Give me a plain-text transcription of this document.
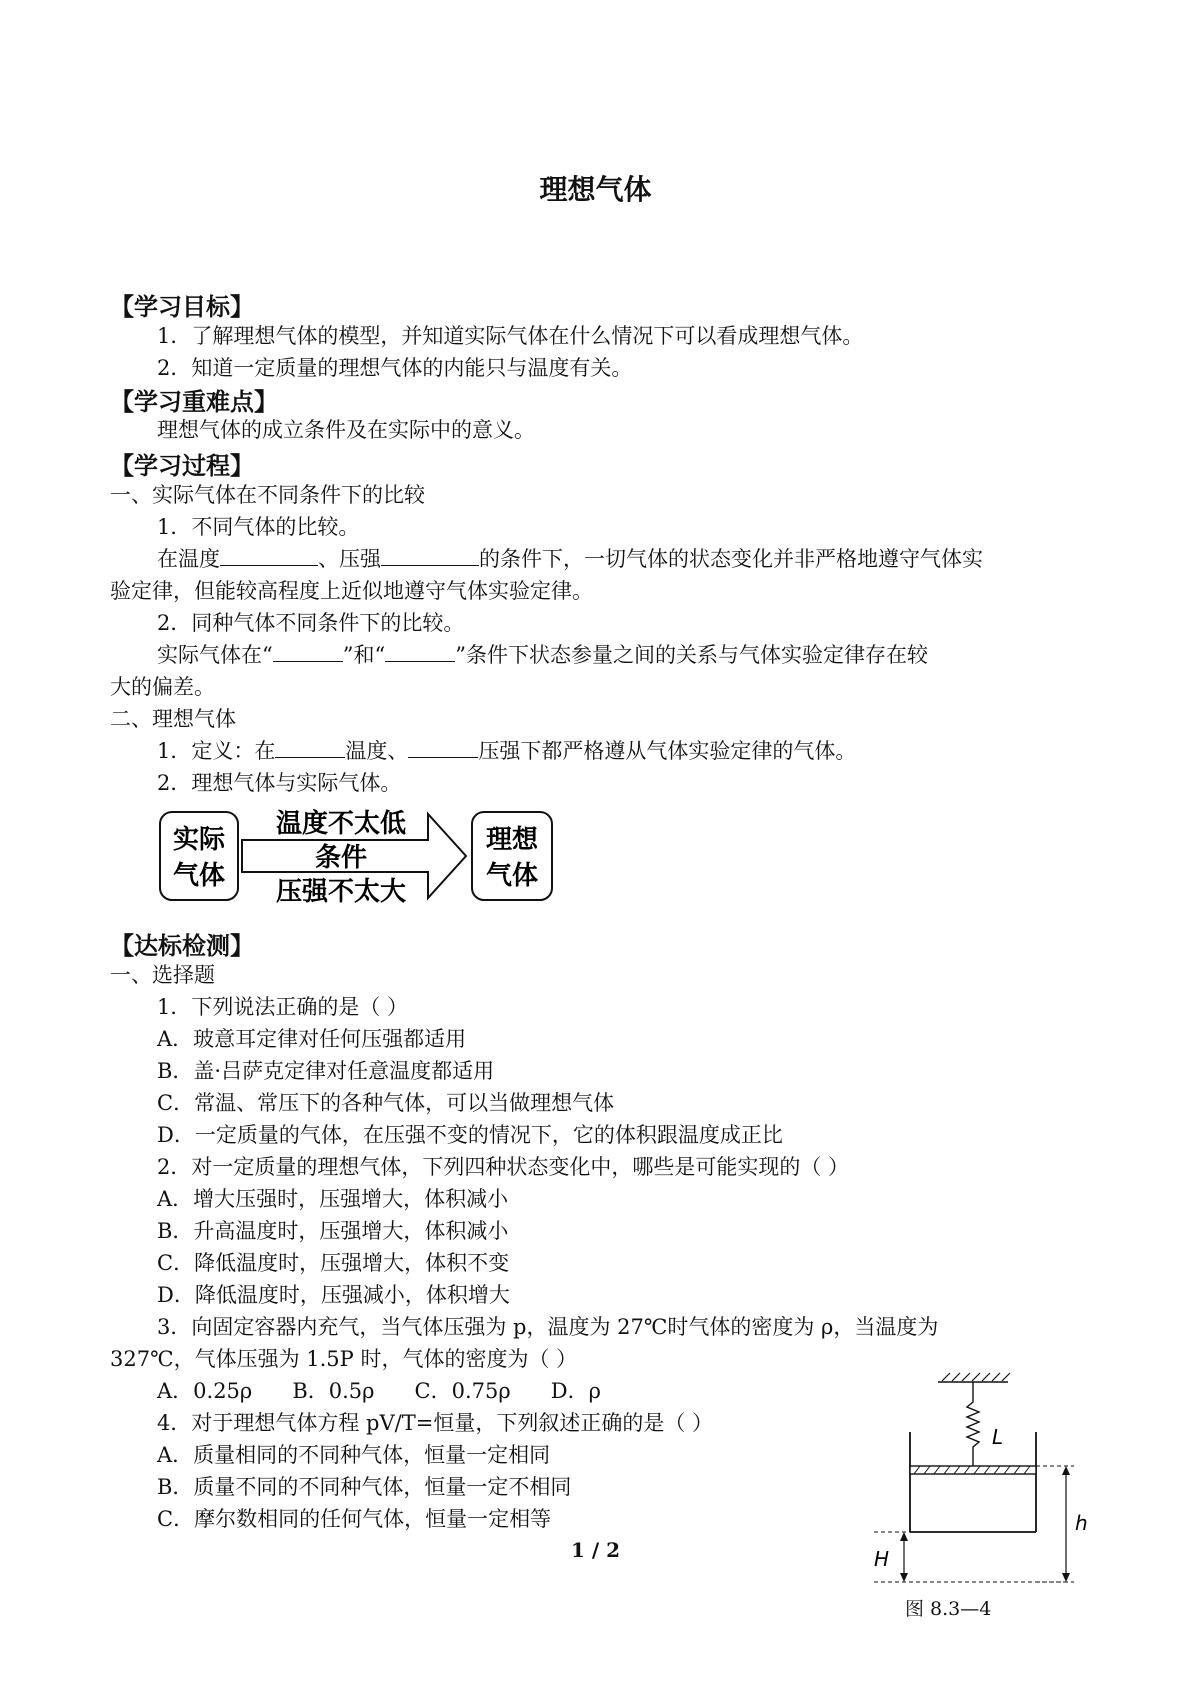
理想气体
【学习目标】
1．了解理想气体的模型，并知道实际气体在什么情况下可以看成理想气体。
2．知道一定质量的理想气体的内能只与温度有关。
【学习重难点】
理想气体的成立条件及在实际中的意义。
【学习过程】
一、实际气体在不同条件下的比较
1．不同气体的比较。
在温度	、压强	的条件下，一切气体的状态变化并非严格地遵守气体实
验定律，但能较高程度上近似地遵守气体实验定律。
2．同种气体不同条件下的比较。
实际气体在“	”和“	”条件下状态参量之间的关系与气体实验定律存在较
大的偏差。
二、理想气体
1．定义：在	温度、	压强下都严格遵从气体实验定律的气体。
2．理想气体与实际气体。
实际
气体
温度不太低
条件
压强不太大
理想
气体
【达标检测】
一、选择题
1．下列说法正确的是（ ）
A．玻意耳定律对任何压强都适用
B．盖·吕萨克定律对任意温度都适用
C．常温、常压下的各种气体，可以当做理想气体
D．一定质量的气体，在压强不变的情况下，它的体积跟温度成正比
2．对一定质量的理想气体，下列四种状态变化中，哪些是可能实现的（ ）
A．增大压强时，压强增大，体积减小
B．升高温度时，压强增大，体积减小
C．降低温度时，压强增大，体积不变
D．降低温度时，压强减小，体积增大
3．向固定容器内充气，当气体压强为 p，温度为 27℃时气体的密度为 ρ，当温度为
327℃，气体压强为 1.5P 时，气体的密度为（ ）
A．0.25ρ      B．0.5ρ      C．0.75ρ      D．ρ
4．对于理想气体方程 pV/T=恒量，下列叙述正确的是（ ）
A．质量相同的不同种气体，恒量一定相同
B．质量不同的不同种气体，恒量一定不相同
C．摩尔数相同的任何气体，恒量一定相等
L
h
H
图 8.3—4
1 / 2
